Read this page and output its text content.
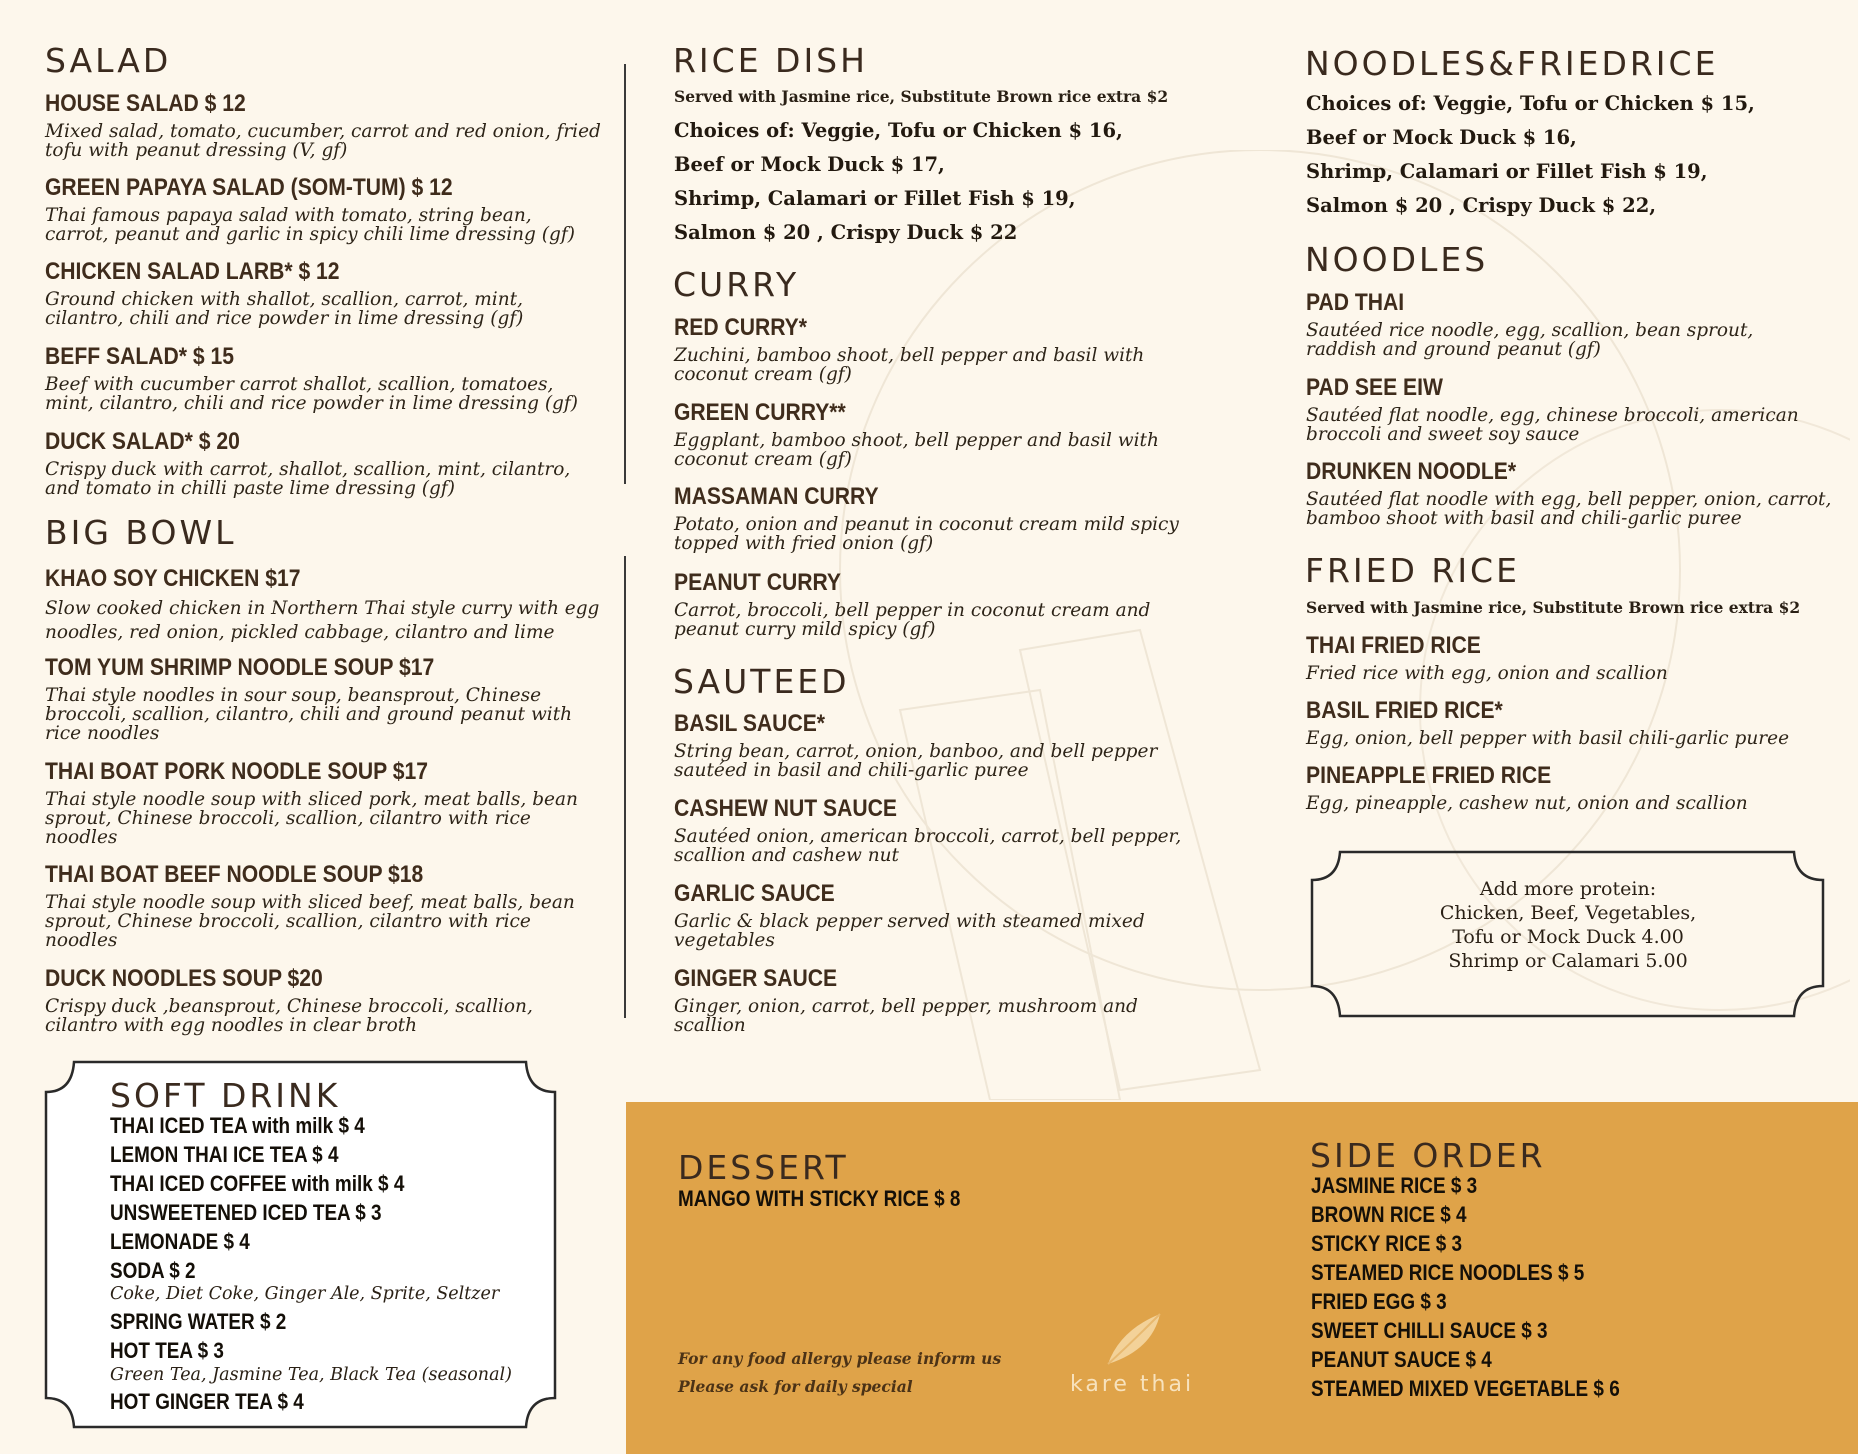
SALAD
HOUSE SALAD $ 12
Mixed salad, tomato, cucumber, carrot and red onion, fried tofu with peanut dressing (V, gf)
GREEN PAPAYA SALAD (SOM-TUM) $ 12
Thai famous papaya salad with tomato, string bean, carrot, peanut and garlic in spicy chili lime dressing (gf)
CHICKEN SALAD LARB* $ 12
Ground chicken with shallot, scallion, carrot, mint, cilantro, chili and rice powder in lime dressing (gf)
BEFF SALAD* $ 15
Beef with cucumber carrot shallot, scallion, tomatoes, mint, cilantro, chili and rice powder in lime dressing (gf)
DUCK SALAD* $ 20
Crispy duck with carrot, shallot, scallion, mint, cilantro, and tomato in chilli paste lime dressing (gf)
BIG BOWL
KHAO SOY CHICKEN $17
Slow cooked chicken in Northern Thai style curry with egg noodles, red onion, pickled cabbage, cilantro and lime
TOM YUM SHRIMP NOODLE SOUP $17
Thai style noodles in sour soup, beansprout, Chinese broccoli, scallion, cilantro, chili and ground peanut with rice noodles
THAI BOAT PORK NOODLE SOUP $17
Thai style noodle soup with sliced pork, meat balls, bean sprout, Chinese broccoli, scallion, cilantro with rice noodles
THAI BOAT BEEF NOODLE SOUP $18
Thai style noodle soup with sliced beef, meat balls, bean sprout, Chinese broccoli, scallion, cilantro with rice noodles
DUCK NOODLES SOUP $20
Crispy duck ,beansprout, Chinese broccoli, scallion, cilantro with egg noodles in clear broth
SOFT DRINK
THAI ICED TEA with milk $ 4
LEMON THAI ICE TEA $ 4
THAI ICED COFFEE with milk $ 4
UNSWEETENED ICED TEA $ 3
LEMONADE $ 4
SODA $ 2
Coke, Diet Coke, Ginger Ale, Sprite, Seltzer
SPRING WATER $ 2
HOT TEA $ 3
Green Tea, Jasmine Tea, Black Tea (seasonal)
HOT GINGER TEA $ 4
RICE DISH
Served with Jasmine rice, Substitute Brown rice extra $2
Choices of: Veggie, Tofu or Chicken $ 16,
Beef or Mock Duck $ 17,
Shrimp, Calamari or Fillet Fish $ 19,
Salmon $ 20 , Crispy Duck $ 22
CURRY
RED CURRY*
Zuchini, bamboo shoot, bell pepper and basil with coconut cream (gf)
GREEN CURRY**
Eggplant, bamboo shoot, bell pepper and basil with coconut cream (gf)
MASSAMAN CURRY
Potato, onion and peanut in coconut cream mild spicy topped with fried onion (gf)
PEANUT CURRY
Carrot, broccoli, bell pepper in coconut cream and peanut curry mild spicy (gf)
SAUTEED
BASIL SAUCE*
String bean, carrot, onion, banboo, and bell pepper sautéed in basil and chili-garlic puree
CASHEW NUT SAUCE
Sautéed onion, american broccoli, carrot, bell pepper, scallion and cashew nut
GARLIC SAUCE
Garlic & black pepper served with steamed mixed vegetables
GINGER SAUCE
Ginger, onion, carrot, bell pepper, mushroom and scallion
NOODLES&FRIEDRICE
Choices of: Veggie, Tofu or Chicken $ 15,
Beef or Mock Duck $ 16,
Shrimp, Calamari or Fillet Fish $ 19,
Salmon $ 20 , Crispy Duck $ 22,
NOODLES
PAD THAI
Sautéed rice noodle, egg, scallion, bean sprout, raddish and ground peanut (gf)
PAD SEE EIW
Sautéed flat noodle, egg, chinese broccoli, american broccoli and sweet soy sauce
DRUNKEN NOODLE*
Sautéed flat noodle with egg, bell pepper, onion, carrot, bamboo shoot with basil and chili-garlic puree
FRIED RICE
Served with Jasmine rice, Substitute Brown rice extra $2
THAI FRIED RICE
Fried rice with egg, onion and scallion
BASIL FRIED RICE*
Egg, onion, bell pepper with basil chili-garlic puree
PINEAPPLE FRIED RICE
Egg, pineapple, cashew nut, onion and scallion
Add more protein:
Chicken, Beef, Vegetables,
Tofu or Mock Duck 4.00
Shrimp or Calamari 5.00
DESSERT
MANGO WITH STICKY RICE $ 8
For any food allergy please inform us
Please ask for daily special	kare thai
SIDE ORDER
JASMINE RICE $ 3
BROWN RICE $ 4
STICKY RICE $ 3
STEAMED RICE NOODLES $ 5
FRIED EGG $ 3
SWEET CHILLI SAUCE $ 3
PEANUT SAUCE $ 4
STEAMED MIXED VEGETABLE $ 6
